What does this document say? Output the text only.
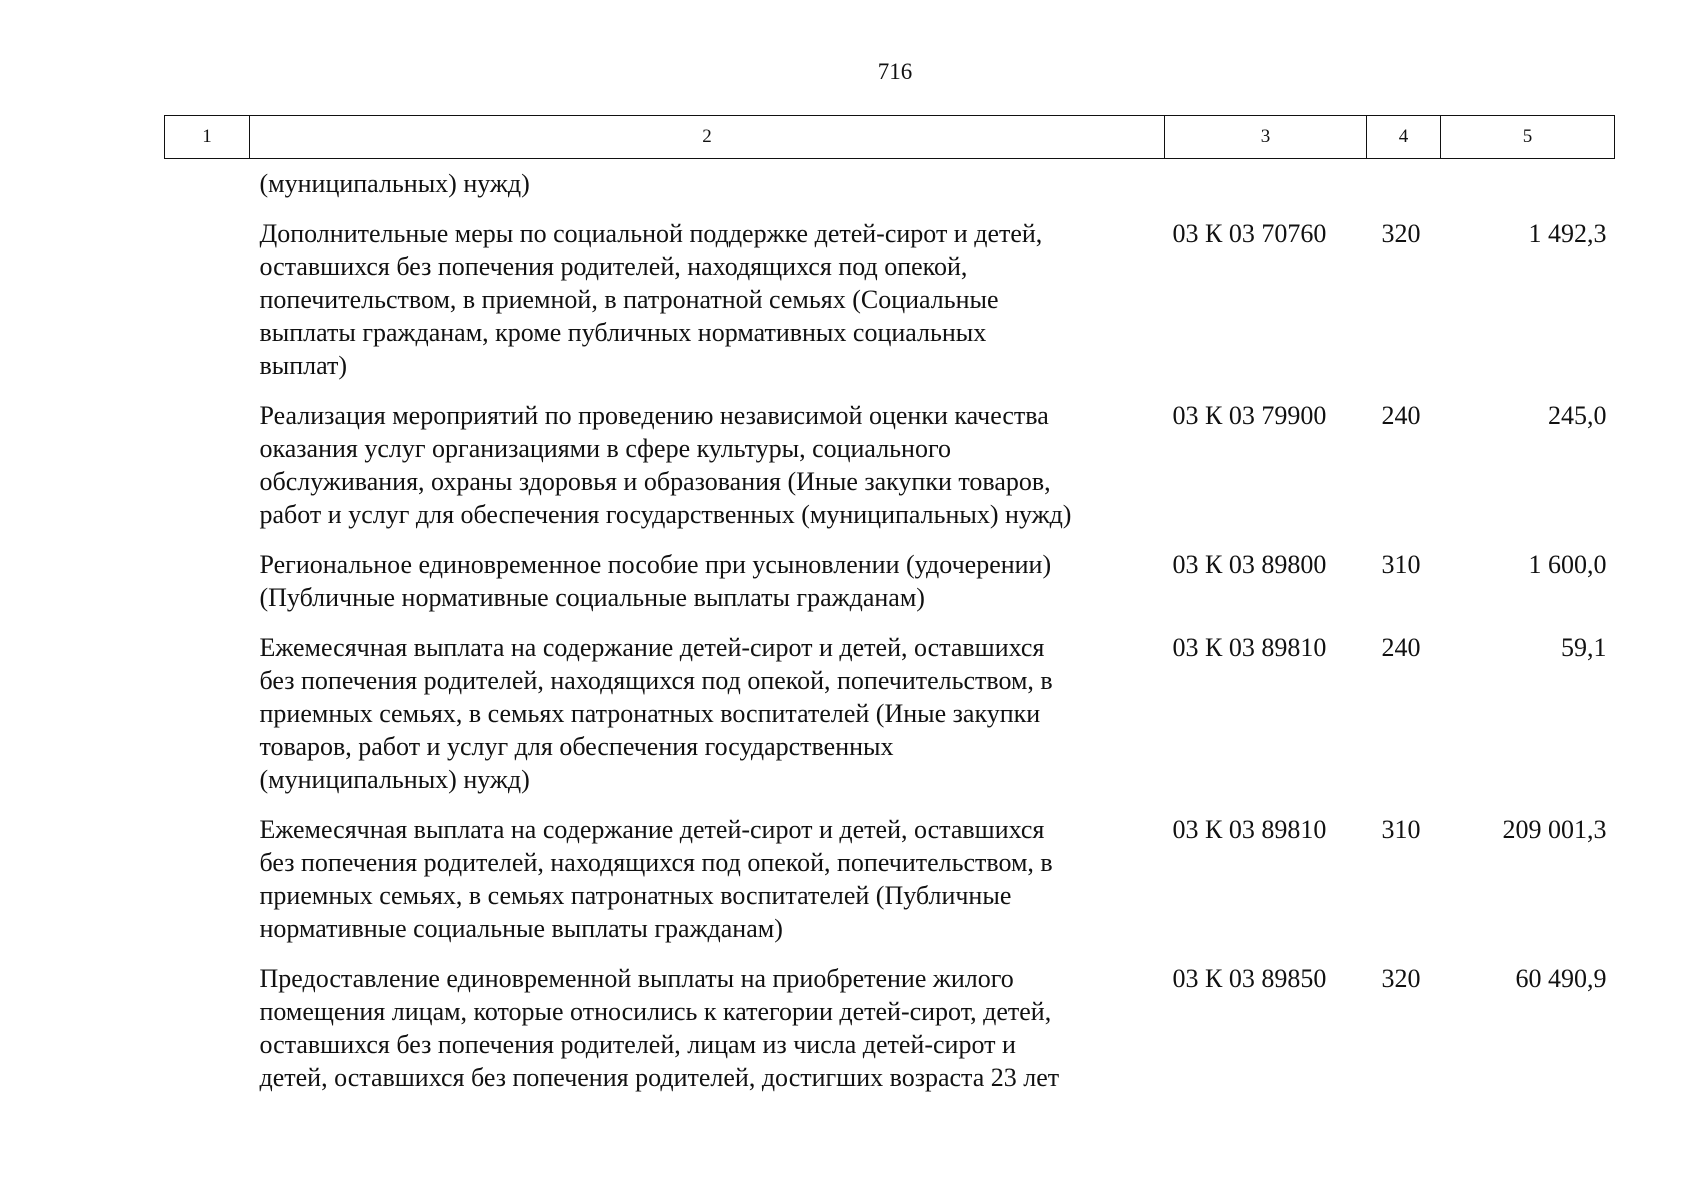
716
1	2	3	4	5
(муниципальных) нужд)				
Дополнительные меры по социальной поддержке детей-сирот и детей,
оставшихся без попечения родителей, находящихся под опекой,
попечительством, в приемной, в патронатной семьях (Социальные
выплаты гражданам, кроме публичных нормативных социальных
выплат)		03 К 03 70760	320	1 492,3
Реализация мероприятий по проведению независимой оценки качества
оказания услуг организациями в сфере культуры, социального
обслуживания, охраны здоровья и образования (Иные закупки товаров,
работ и услуг для обеспечения государственных (муниципальных) нужд)		03 К 03 79900	240	245,0
Региональное единовременное пособие при усыновлении (удочерении)
(Публичные нормативные социальные выплаты гражданам)		03 К 03 89800	310	1 600,0
Ежемесячная выплата на содержание детей-сирот и детей, оставшихся
без попечения родителей, находящихся под опекой, попечительством, в
приемных семьях, в семьях патронатных воспитателей (Иные закупки
товаров, работ и услуг для обеспечения государственных
(муниципальных) нужд)		03 К 03 89810	240	59,1
Ежемесячная выплата на содержание детей-сирот и детей, оставшихся
без попечения родителей, находящихся под опекой, попечительством, в
приемных семьях, в семьях патронатных воспитателей (Публичные
нормативные социальные выплаты гражданам)		03 К 03 89810	310	209 001,3
Предоставление единовременной выплаты на приобретение жилого
помещения лицам, которые относились к категории детей-сирот, детей,
оставшихся без попечения родителей, лицам из числа детей-сирот и
детей, оставшихся без попечения родителей, достигших возраста 23 лет		03 К 03 89850	320	60 490,9
